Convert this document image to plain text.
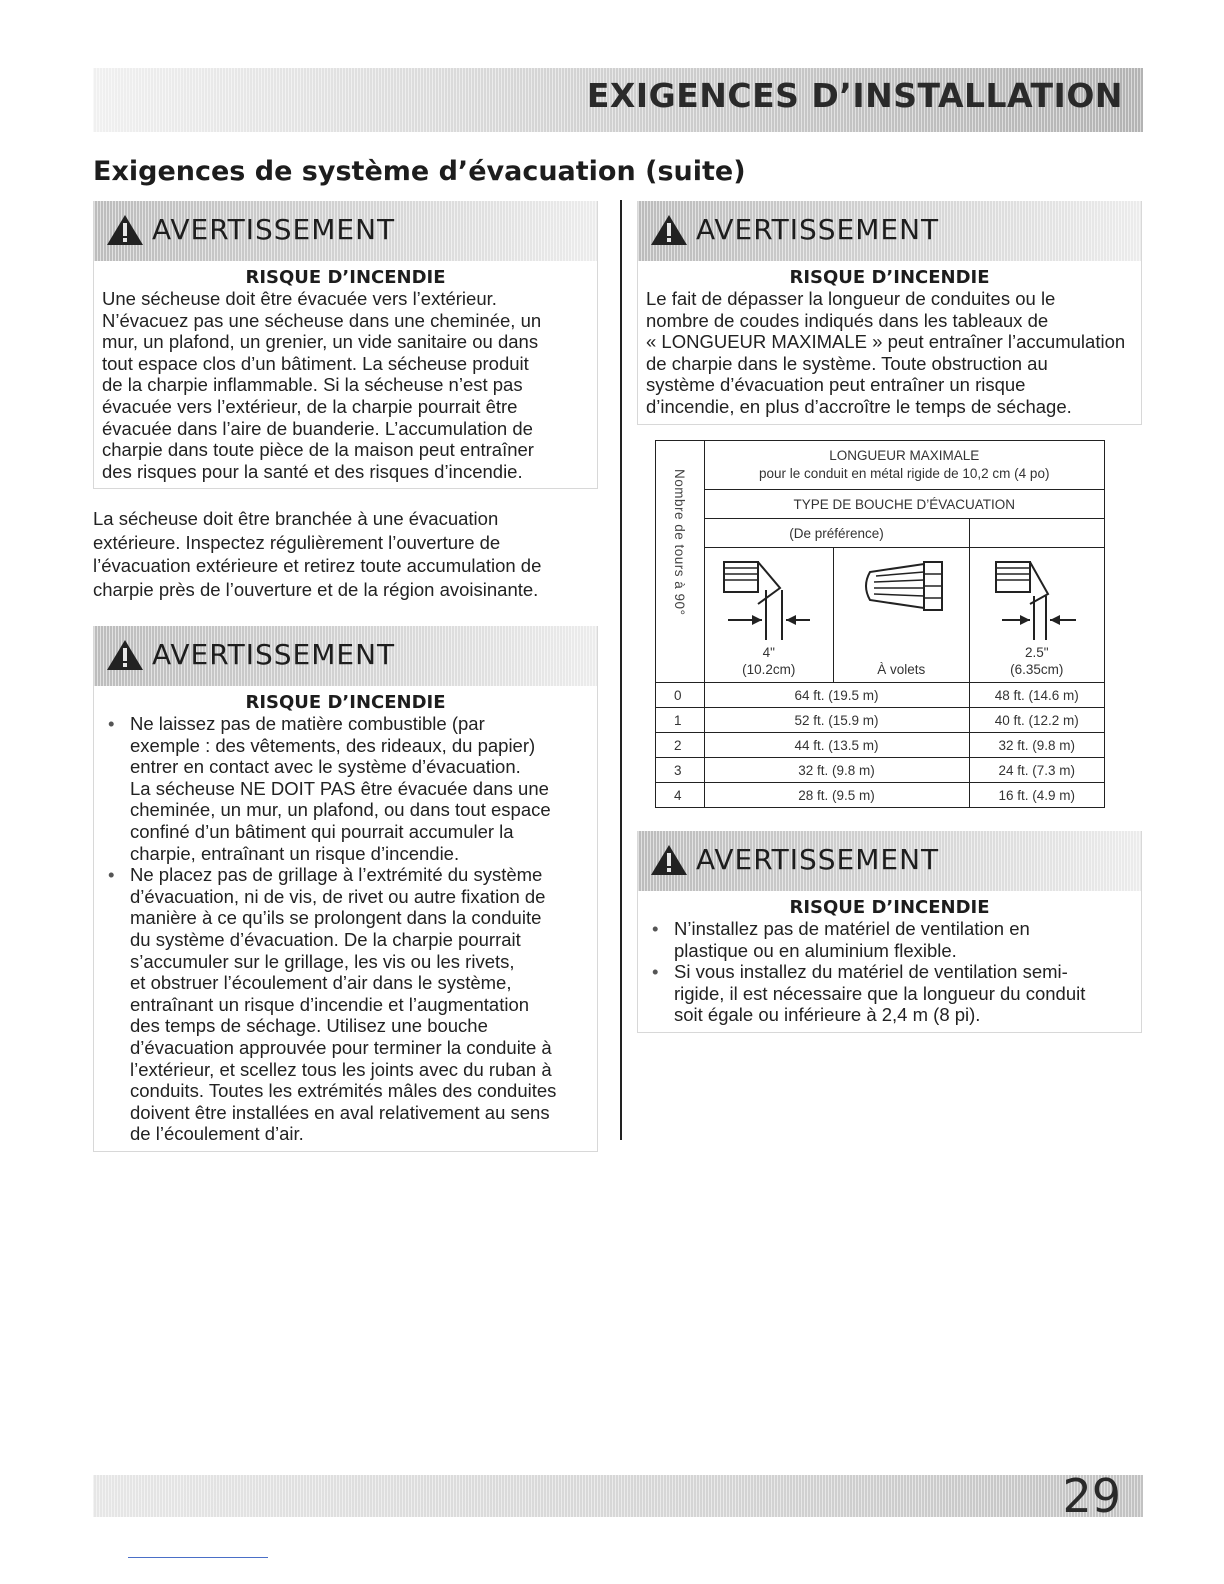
EXIGENCES D’INSTALLATION
Exigences de système d’évacuation (suite)
AVERTISSEMENT
RISQUE D’INCENDIE

Une sécheuse doit être évacuée vers l’extérieur.
N’évacuez pas une sécheuse dans une cheminée, un
mur, un plafond, un grenier, un vide sanitaire ou dans
tout espace clos d’un bâtiment. La sécheuse produit
de la charpie inflammable. Si la sécheuse n’est pas
évacuée vers l’extérieur, de la charpie pourrait être
évacuée dans l’aire de buanderie. L’accumulation de
charpie dans toute pièce de la maison peut entraîner
des risques pour la santé et des risques d’incendie.

La sécheuse doit être branchée à une évacuation
extérieure. Inspectez régulièrement l’ouverture de
l’évacuation extérieure et retirez toute accumulation de
charpie près de l’ouverture et de la région avoisinante.

AVERTISSEMENT
RISQUE D’INCENDIE
• Ne laissez pas de matière combustible (par
exemple : des vêtements, des rideaux, du papier)
entrer en contact avec le système d’évacuation.
La sécheuse NE DOIT PAS être évacuée dans une
cheminée, un mur, un plafond, ou dans tout espace
confiné d’un bâtiment qui pourrait accumuler la
charpie, entraînant un risque d’incendie.
• Ne placez pas de grillage à l’extrémité du système
d’évacuation, ni de vis, de rivet ou autre fixation de
manière à ce qu’ils se prolongent dans la conduite
du système d’évacuation. De la charpie pourrait
s’accumuler sur le grillage, les vis ou les rivets,
et obstruer l’écoulement d’air dans le système,
entraînant un risque d’incendie et l’augmentation
des temps de séchage. Utilisez une bouche
d’évacuation approuvée pour terminer la conduite à
l’extérieur, et scellez tous les joints avec du ruban à
conduits. Toutes les extrémités mâles des conduites
doivent être installées en aval relativement au sens
de l’écoulement d’air.
AVERTISSEMENT
RISQUE D’INCENDIE

Le fait de dépasser la longueur de conduites ou le
nombre de coudes indiqués dans les tableaux de
« LONGUEUR MAXIMALE » peut entraîner l’accumulation
de charpie dans le système. Toute obstruction au
système d’évacuation peut entraîner un risque
d’incendie, en plus d’accroître le temps de séchage.

Nombre de tours à 90°	LONGUEUR MAXIMALE
pour le conduit en métal rigide de 10,2 cm (4 po)		

	TYPE DE BOUCHE D’ÉVACUATION		
	(De préférence)		

	4"
(10.2cm)	À volets	2.5"
(6.35cm)

0	64 ft. (19.5 m)		48 ft. (14.6 m)
1	52 ft. (15.9 m)		40 ft. (12.2 m)
2	44 ft. (13.5 m)		32 ft. (9.8 m)
3	32 ft. (9.8 m)		24 ft. (7.3 m)
4	28 ft. (9.5 m)		16 ft. (4.9 m)
AVERTISSEMENT
RISQUE D’INCENDIE
• N’installez pas de matériel de ventilation en
plastique ou en aluminium flexible.
• Si vous installez du matériel de ventilation semi-
rigide, il est nécessaire que la longueur du conduit
soit égale ou inférieure à 2,4 m (8 pi).
29
